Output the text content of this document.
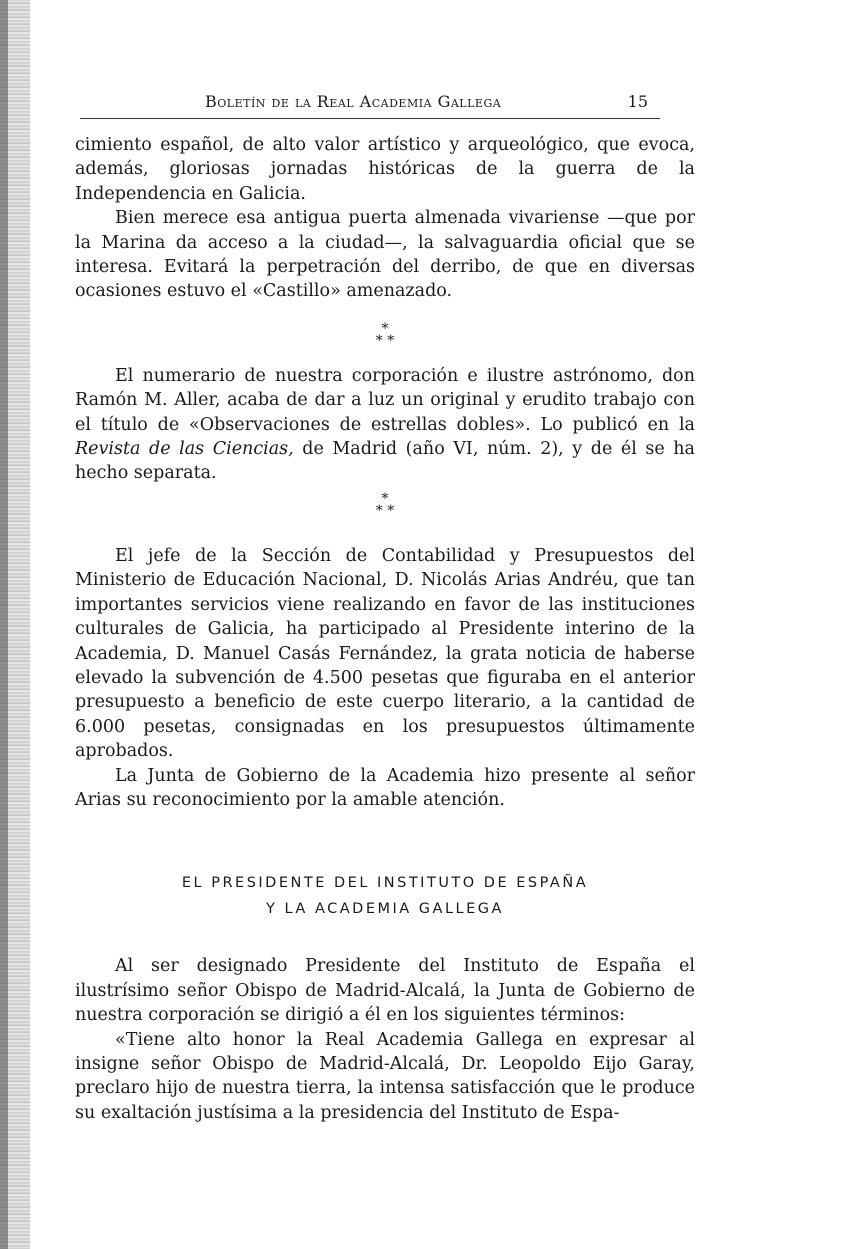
Boletín de la Real Academia Gallega	15

cimiento español, de alto valor artístico y arqueológico, que evoca, además, gloriosas jornadas históricas de la guerra de la Independencia en Galicia.

Bien merece esa antigua puerta almenada vivariense —que por la Marina da acceso a la ciudad—, la salvaguardia oficial que se interesa. Evitará la perpetración del derribo, de que en diversas ocasiones estuvo el «Castillo» amenazado.

*
* *

El numerario de nuestra corporación e ilustre astrónomo, don Ramón M. Aller, acaba de dar a luz un original y erudito trabajo con el título de «Observaciones de estrellas dobles». Lo publicó en la Revista de las Ciencias, de Madrid (año VI, núm. 2), y de él se ha hecho separata.

*
* *

El jefe de la Sección de Contabilidad y Presupuestos del Ministerio de Educación Nacional, D. Nicolás Arias Andréu, que tan importantes servicios viene realizando en favor de las instituciones culturales de Galicia, ha participado al Presidente interino de la Academia, D. Manuel Casás Fernández, la grata noticia de haberse elevado la subvención de 4.500 pesetas que figuraba en el anterior presupuesto a beneficio de este cuerpo literario, a la cantidad de 6.000 pesetas, consignadas en los presupuestos últimamente aprobados.

La Junta de Gobierno de la Academia hizo presente al señor Arias su reconocimiento por la amable atención.

EL PRESIDENTE DEL INSTITUTO DE ESPAÑA
Y LA ACADEMIA GALLEGA

Al ser designado Presidente del Instituto de España el ilustrísimo señor Obispo de Madrid-Alcalá, la Junta de Gobierno de nuestra corporación se dirigió a él en los siguientes términos:

«Tiene alto honor la Real Academia Gallega en expresar al insigne señor Obispo de Madrid-Alcalá, Dr. Leopoldo Eijo Garay, preclaro hijo de nuestra tierra, la intensa satisfacción que le produce su exaltación justísima a la presidencia del Instituto de Espa-
